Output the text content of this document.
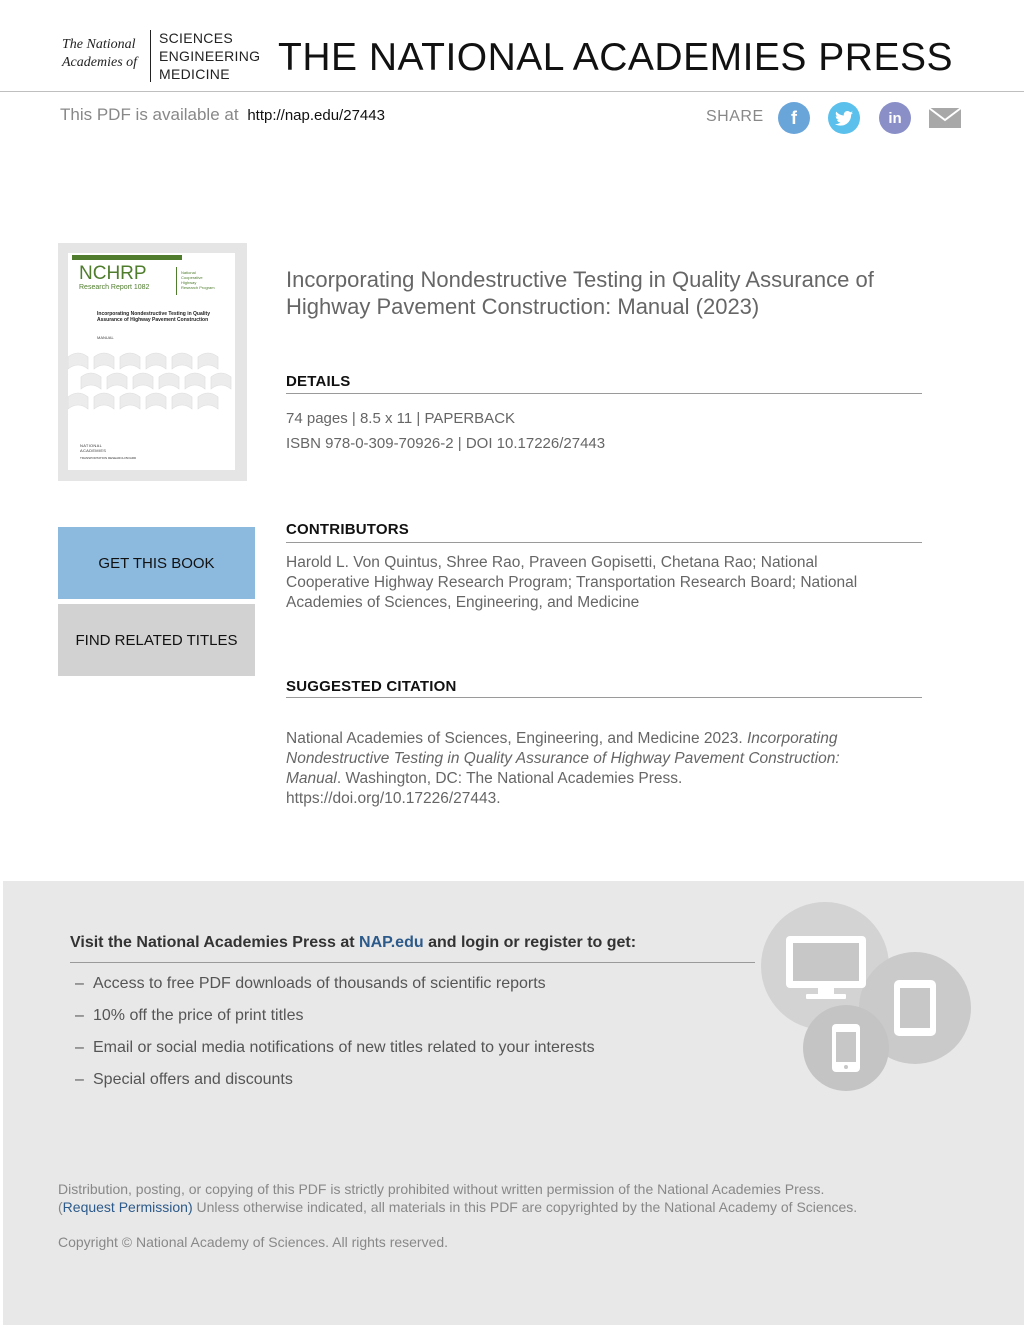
The National
Academies of
SCIENCES
ENGINEERING
MEDICINE	THE NATIONAL ACADEMIES PRESS
This PDF is available at http://nap.edu/27443	SHARE f	in
NCHRP
Research Report 1082
National
Cooperative
Highway
Research Program
Incorporating Nondestructive Testing in Quality Assurance of Highway Pavement Construction
MANUAL
NATIONAL
ACADEMIES
TRANSPORTATION RESEARCH BOARD
GET THIS BOOK
FIND RELATED TITLES
Incorporating Nondestructive Testing in Quality Assurance of
Highway Pavement Construction: Manual (2023)
DETAILS
74 pages | 8.5 x 11 | PAPERBACK
ISBN 978-0-309-70926-2 | DOI 10.17226/27443
CONTRIBUTORS
Harold L. Von Quintus, Shree Rao, Praveen Gopisetti, Chetana Rao; National
Cooperative Highway Research Program; Transportation Research Board; National
Academies of Sciences, Engineering, and Medicine
SUGGESTED CITATION
National Academies of Sciences, Engineering, and Medicine 2023. Incorporating
Nondestructive Testing in Quality Assurance of Highway Pavement Construction:
Manual. Washington, DC: The National Academies Press.
https://doi.org/10.17226/27443.
Visit the National Academies Press at NAP.edu and login or register to get:
– Access to free PDF downloads of thousands of scientific reports
– 10% off the price of print titles
– Email or social media notifications of new titles related to your interests
– Special offers and discounts
Distribution, posting, or copying of this PDF is strictly prohibited without written permission of the National Academies Press.
(Request Permission) Unless otherwise indicated, all materials in this PDF are copyrighted by the National Academy of Sciences.
Copyright © National Academy of Sciences. All rights reserved.
